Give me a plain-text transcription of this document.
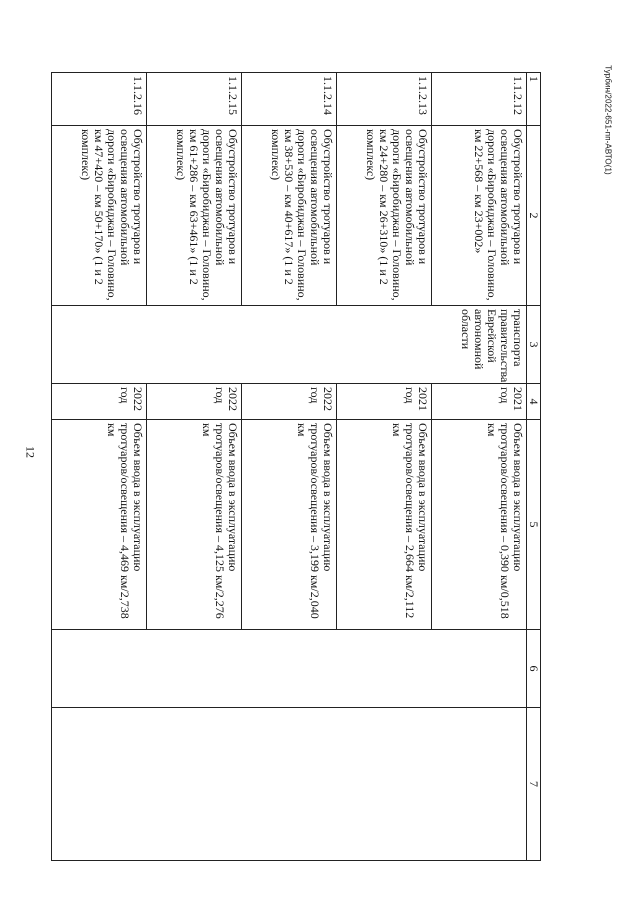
12
Турбин/2022-651-пп-АВТО(1)
1	2	3	4	5	6	7
1.1.2.12	Обустройство тротуаров и освещения автомобильной дороги «Биробиджан – Головино, км 22+568 – км 23+002»	транспорта правительства Еврейской автономной области	2021 год	Объем ввода в эксплуатацию тротуаров/освещения – 0,390 км/0,518 км		
1.1.2.13	Обустройство тротуаров и освещения автомобильной дороги «Биробиджан – Головино, км 24+280 – км 26+310» (1 и 2 комплекс)		2021 год	Объем ввода в эксплуатацию тротуаров/освещения – 2,664 км/2,112 км		
1.1.2.14	Обустройство тротуаров и освещения автомобильной дороги «Биробиджан – Головино, км 38+530 – км 40+617» (1 и 2 комплекс)		2022 год	Объем ввода в эксплуатацию тротуаров/освещения – 3,199 км/2,040 км		
1.1.2.15	Обустройство тротуаров и освещения автомобильной дороги «Биробиджан – Головино, км 61+286 – км 63+461» (1 и 2 комплекс)		2022 год	Объем ввода в эксплуатацию тротуаров/освещения – 4,125 км/2,276 км		
1.1.2.16	Обустройство тротуаров и освещения автомобильной дороги «Биробиджан – Головино, км 47+420 – км 50+170» (1 и 2 комплекс)		2022 год	Объем ввода в эксплуатацию тротуаров/освещения – 4,469 км/2,738 км		
